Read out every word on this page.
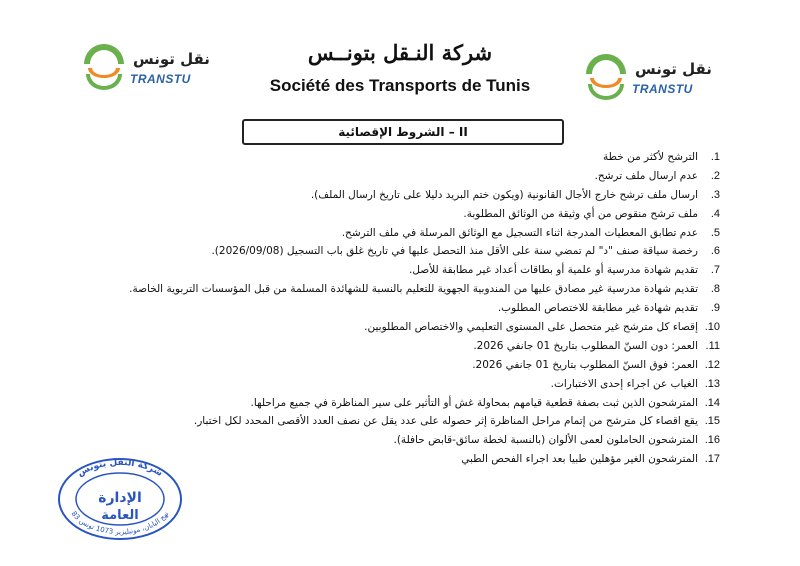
نقل تونس
TRANSTU
نقل تونس
TRANSTU
شركة النـقل بتونــس
Société des Transports de Tunis
II – الشروط الإقصائية
.1
الترشح لأكثر من خطة
.2
عدم ارسال ملف ترشح.
.3
ارسال ملف ترشح خارج الأجال القانونية (ويكون ختم البريد دليلا على تاريخ ارسال الملف).
.4
ملف ترشح منقوص من أي وثيقة من الوثائق المطلوبة.
.5
عدم تطابق المعطيات المدرجة اثناء التسجيل مع الوثائق المرسلة في ملف الترشح.
.6
رخصة سياقة صنف "د" لم تمضي سنة على الأقل منذ التحصل عليها في تاريخ غلق باب التسجيل (2026/09/08).
.7
تقديم شهادة مدرسية أو علمية أو بطاقات أعداد غير مطابقة للأصل.
.8
تقديم شهادة مدرسية غير مصادق عليها من المندوبية الجهوية للتعليم بالنسبة للشهائدة المسلمة من قبل المؤسسات التربوية الخاصة.
.9
تقديم شهادة غير مطابقة للاختصاص المطلوب.
.10
إقصاء كل مترشح غير متحصل على المستوى التعليمي والاختصاص المطلوبين.
.11
العمر: دون السنّ المطلوب بتاريخ 01 جانفي 2026.
.12
العمر: فوق السنّ المطلوب بتاريخ 01 جانفي 2026.
.13
الغياب عن اجراء إحدى الاختبارات.
.14
المترشحون الذين ثبت بصفة قطعية قيامهم بمحاولة غش أو التأثير على سير المناظرة في جميع مراحلها.
.15
يقع اقصاء كل مترشح من إتمام مراحل المناظرة إثر حصوله على عدد يقل عن نصف العدد الأقصى المحدد لكل اختبار.
.16
المترشحون الحاملون لعمى الألوان (بالنسبة لخطة سائق-قابض حافلة).
.17
المترشحون الغير مؤهلين طبيا بعد اجراء الفحص الطبي
شركة النقل بتونس
83 نهج اليابان، مونبليزير 1073 تونس
الإدارة
العامة
